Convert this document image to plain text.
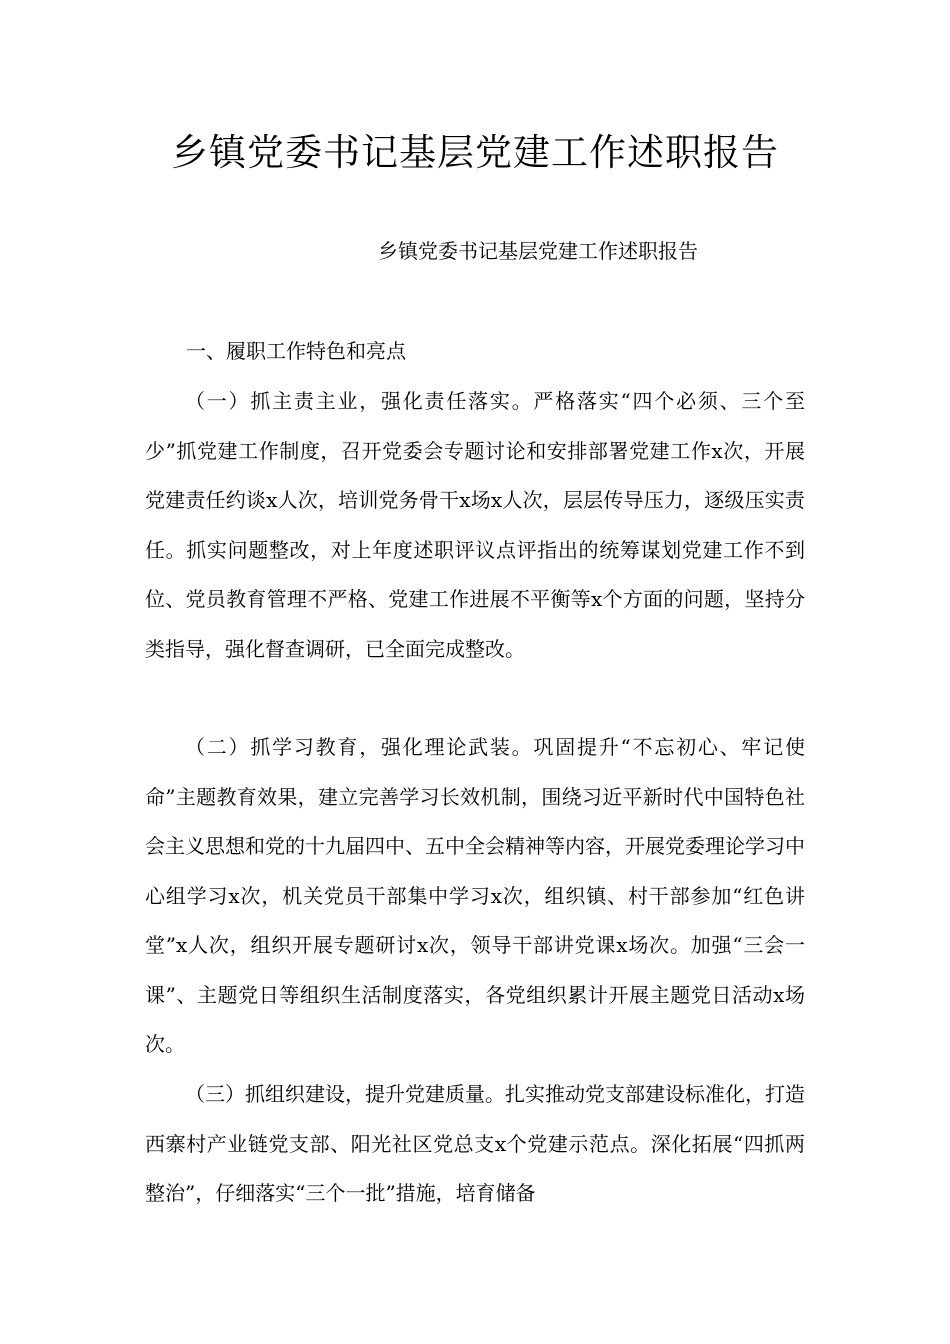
乡镇党委书记基层党建工作述职报告
乡镇党委书记基层党建工作述职报告
一、履职工作特色和亮点

（一）抓主责主业，强化责任落实。严格落实“四个必须、三个至少”抓党建工作制度，召开党委会专题讨论和安排部署党建工作x次，开展党建责任约谈x人次，培训党务骨干x场x人次，层层传导压力，逐级压实责任。抓实问题整改，对上年度述职评议点评指出的统筹谋划党建工作不到位、党员教育管理不严格、党建工作进展不平衡等x个方面的问题，坚持分类指导，强化督查调研，已全面完成整改。

（二）抓学习教育，强化理论武装。巩固提升“不忘初心、牢记使命”主题教育效果，建立完善学习长效机制，围绕习近平新时代中国特色社会主义思想和党的十九届四中、五中全会精神等内容，开展党委理论学习中心组学习x次，机关党员干部集中学习x次，组织镇、村干部参加“红色讲堂”x人次，组织开展专题研讨x次，领导干部讲党课x场次。加强“三会一课”、主题党日等组织生活制度落实，各党组织累计开展主题党日活动x场次。

（三）抓组织建设，提升党建质量。扎实推动党支部建设标准化，打造西寨村产业链党支部、阳光社区党总支x个党建示范点。深化拓展“四抓两整治”，仔细落实“三个一批”措施，培育储备
